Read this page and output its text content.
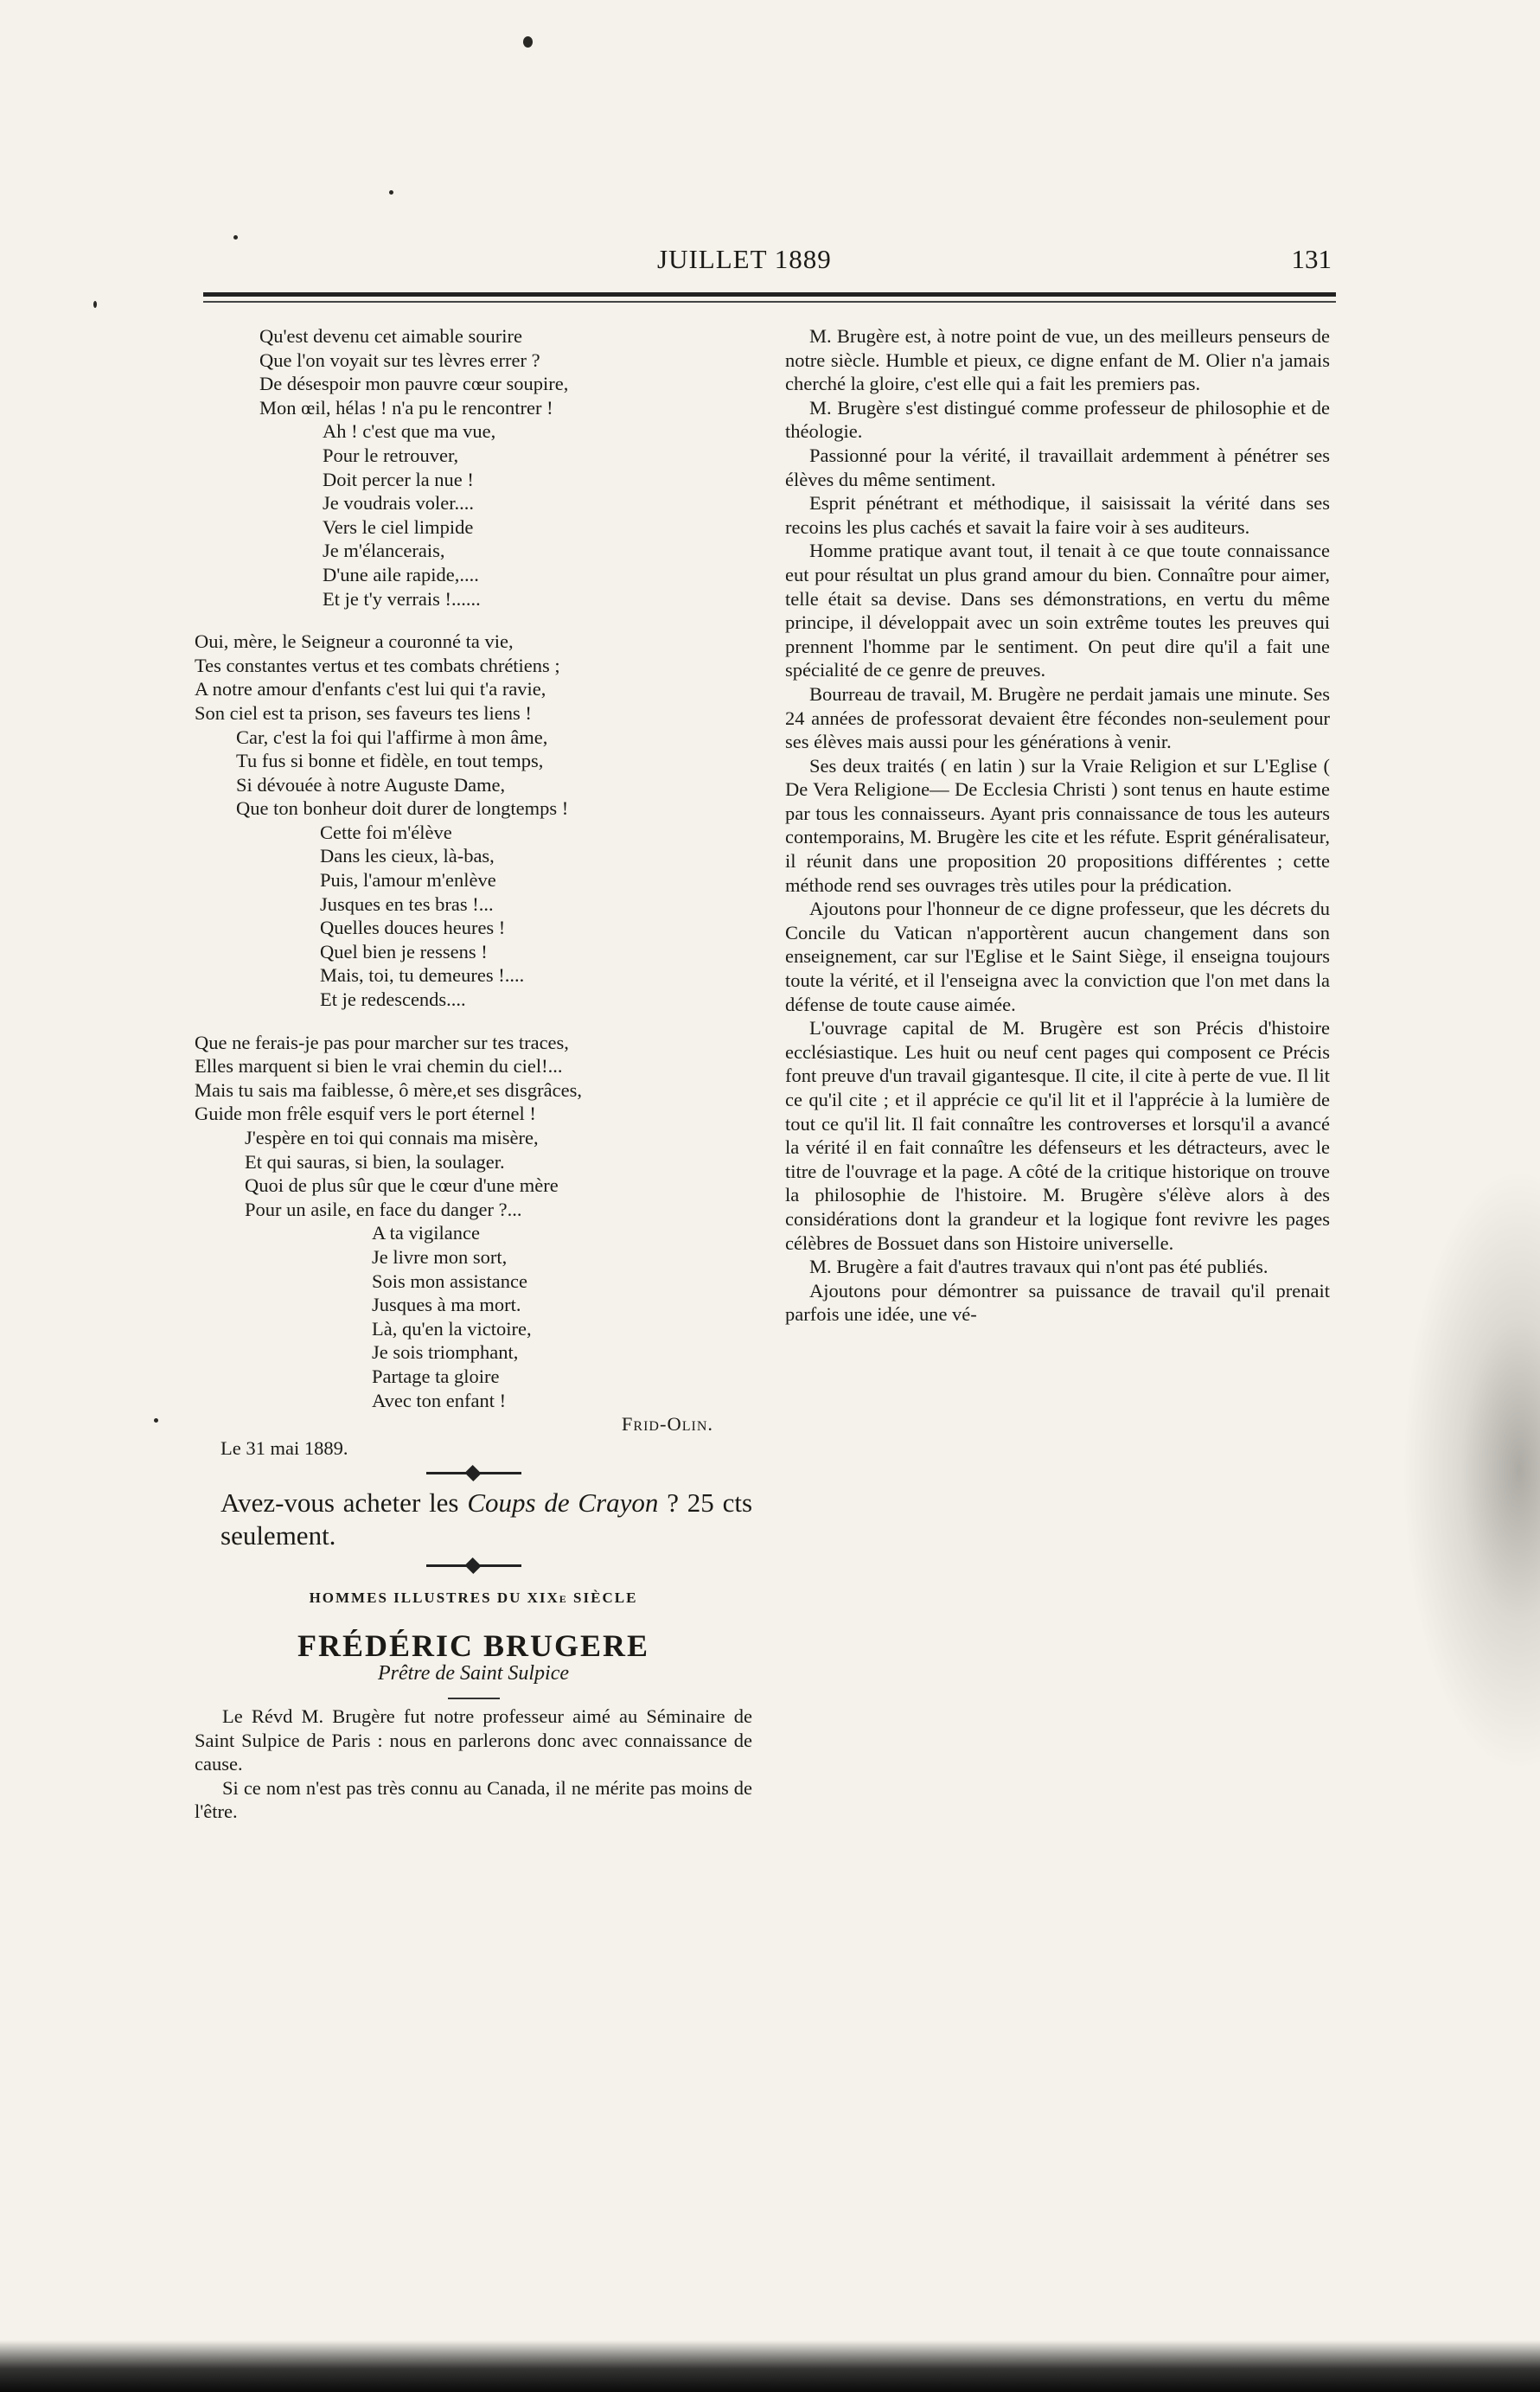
JUILLET 1889	131
Qu'est devenu cet aimable sourire
Que l'on voyait sur tes lèvres errer ?
De désespoir mon pauvre cœur soupire,
Mon œil, hélas ! n'a pu le rencontrer !
Ah ! c'est que ma vue,
Pour le retrouver,
Doit percer la nue !
Je voudrais voler....
Vers le ciel limpide
Je m'élancerais,
D'une aile rapide,....
Et je t'y verrais !......
Oui, mère, le Seigneur a couronné ta vie,
Tes constantes vertus et tes combats chrétiens ;
A notre amour d'enfants c'est lui qui t'a ravie,
Son ciel est ta prison, ses faveurs tes liens !
Car, c'est la foi qui l'affirme à mon âme,
Tu fus si bonne et fidèle, en tout temps,
Si dévouée à notre Auguste Dame,
Que ton bonheur doit durer de longtemps !
Cette foi m'élève
Dans les cieux, là-bas,
Puis, l'amour m'enlève
Jusques en tes bras !...
Quelles douces heures !
Quel bien je ressens !
Mais, toi, tu demeures !....
Et je redescends....
Que ne ferais-je pas pour marcher sur tes traces,
Elles marquent si bien le vrai chemin du ciel!...
Mais tu sais ma faiblesse, ô mère,et ses disgrâces,
Guide mon frêle esquif vers le port éternel !
J'espère en toi qui connais ma misère,
Et qui sauras, si bien, la soulager.
Quoi de plus sûr que le cœur d'une mère
Pour un asile, en face du danger ?...
A ta vigilance
Je livre mon sort,
Sois mon assistance
Jusques à ma mort.
Là, qu'en la victoire,
Je sois triomphant,
Partage ta gloire
Avec ton enfant !
Frid-Olin.
Le 31 mai 1889.
Avez-vous acheter les Coups de Crayon ? 25 cts seulement.
HOMMES ILLUSTRES DU XIXe SIÈCLE
FRÉDÉRIC BRUGERE
Prêtre de Saint Sulpice

Le Révd M. Brugère fut notre professeur aimé au Séminaire de Saint Sulpice de Paris : nous en parlerons donc avec connaissance de cause.

Si ce nom n'est pas très connu au Canada, il ne mérite pas moins de l'être.

M. Brugère est, à notre point de vue, un des meilleurs penseurs de notre siècle. Humble et pieux, ce digne enfant de M. Olier n'a jamais cherché la gloire, c'est elle qui a fait les premiers pas.

M. Brugère s'est distingué comme professeur de philosophie et de théologie.

Passionné pour la vérité, il travaillait ardemment à pénétrer ses élèves du même sentiment.

Esprit pénétrant et méthodique, il saisissait la vérité dans ses recoins les plus cachés et savait la faire voir à ses auditeurs.

Homme pratique avant tout, il tenait à ce que toute connaissance eut pour résultat un plus grand amour du bien. Connaître pour aimer, telle était sa devise. Dans ses démonstrations, en vertu du même principe, il développait avec un soin extrême toutes les preuves qui prennent l'homme par le sentiment. On peut dire qu'il a fait une spécialité de ce genre de preuves.

Bourreau de travail, M. Brugère ne perdait jamais une minute. Ses 24 années de professorat devaient être fécondes non-seulement pour ses élèves mais aussi pour les générations à venir.

Ses deux traités ( en latin ) sur la Vraie Religion et sur L'Eglise ( De Vera Religione— De Ecclesia Christi ) sont tenus en haute estime par tous les connaisseurs. Ayant pris connaissance de tous les auteurs contemporains, M. Brugère les cite et les réfute. Esprit généralisateur, il réunit dans une proposition 20 propositions différentes ; cette méthode rend ses ouvrages très utiles pour la prédication.

Ajoutons pour l'honneur de ce digne professeur, que les décrets du Concile du Vatican n'apportèrent aucun changement dans son enseignement, car sur l'Eglise et le Saint Siège, il enseigna toujours toute la vérité, et il l'enseigna avec la conviction que l'on met dans la défense de toute cause aimée.

L'ouvrage capital de M. Brugère est son Précis d'histoire ecclésiastique. Les huit ou neuf cent pages qui composent ce Précis font preuve d'un travail gigantesque. Il cite, il cite à perte de vue. Il lit ce qu'il cite ; et il apprécie ce qu'il lit et il l'apprécie à la lumière de tout ce qu'il lit. Il fait connaître les controverses et lorsqu'il a avancé la vérité il en fait connaître les défenseurs et les détracteurs, avec le titre de l'ouvrage et la page. A côté de la critique historique on trouve la philosophie de l'histoire. M. Brugère s'élève alors à des considérations dont la grandeur et la logique font revivre les pages célèbres de Bossuet dans son Histoire universelle.

M. Brugère a fait d'autres travaux qui n'ont pas été publiés.

Ajoutons pour démontrer sa puissance de travail qu'il prenait parfois une idée, une vé-
